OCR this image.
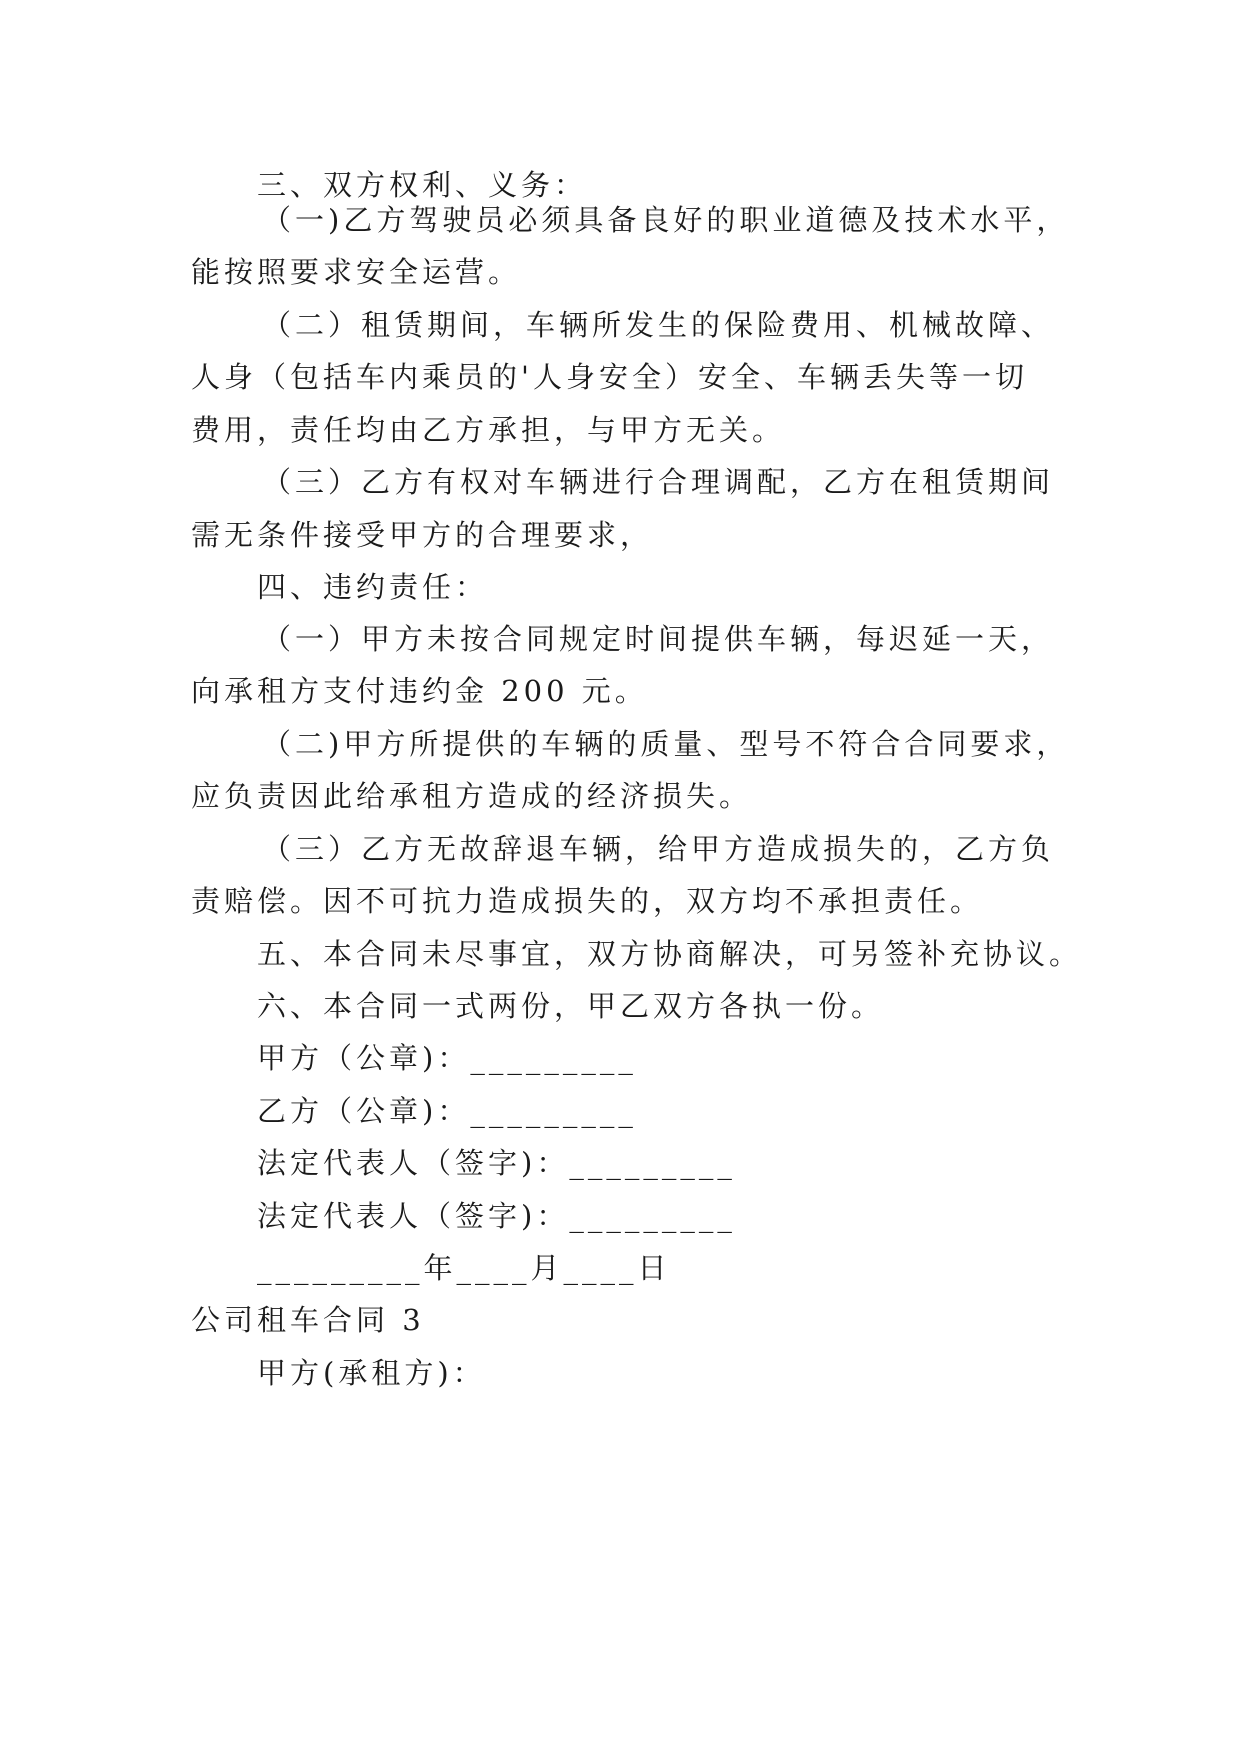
三、双方权利、义务：
（一)乙方驾驶员必须具备良好的职业道德及技术水平，
能按照要求安全运营。
（二）租赁期间，车辆所发生的保险费用、机械故障、
人身（包括车内乘员的'人身安全）安全、车辆丢失等一切
费用，责任均由乙方承担，与甲方无关。
（三）乙方有权对车辆进行合理调配，乙方在租赁期间
需无条件接受甲方的合理要求，
四、违约责任：
（一）甲方未按合同规定时间提供车辆，每迟延一天，
向承租方支付违约金 200 元。
（二)甲方所提供的车辆的质量、型号不符合合同要求，
应负责因此给承租方造成的经济损失。
（三）乙方无故辞退车辆，给甲方造成损失的，乙方负
责赔偿。因不可抗力造成损失的，双方均不承担责任。
五、本合同未尽事宜，双方协商解决，可另签补充协议。
六、本合同一式两份，甲乙双方各执一份。
甲方（公章)：_________
乙方（公章)：_________
法定代表人（签字)：_________
法定代表人（签字)：_________
_________年____月____日
公司租车合同 3
甲方(承租方)：
